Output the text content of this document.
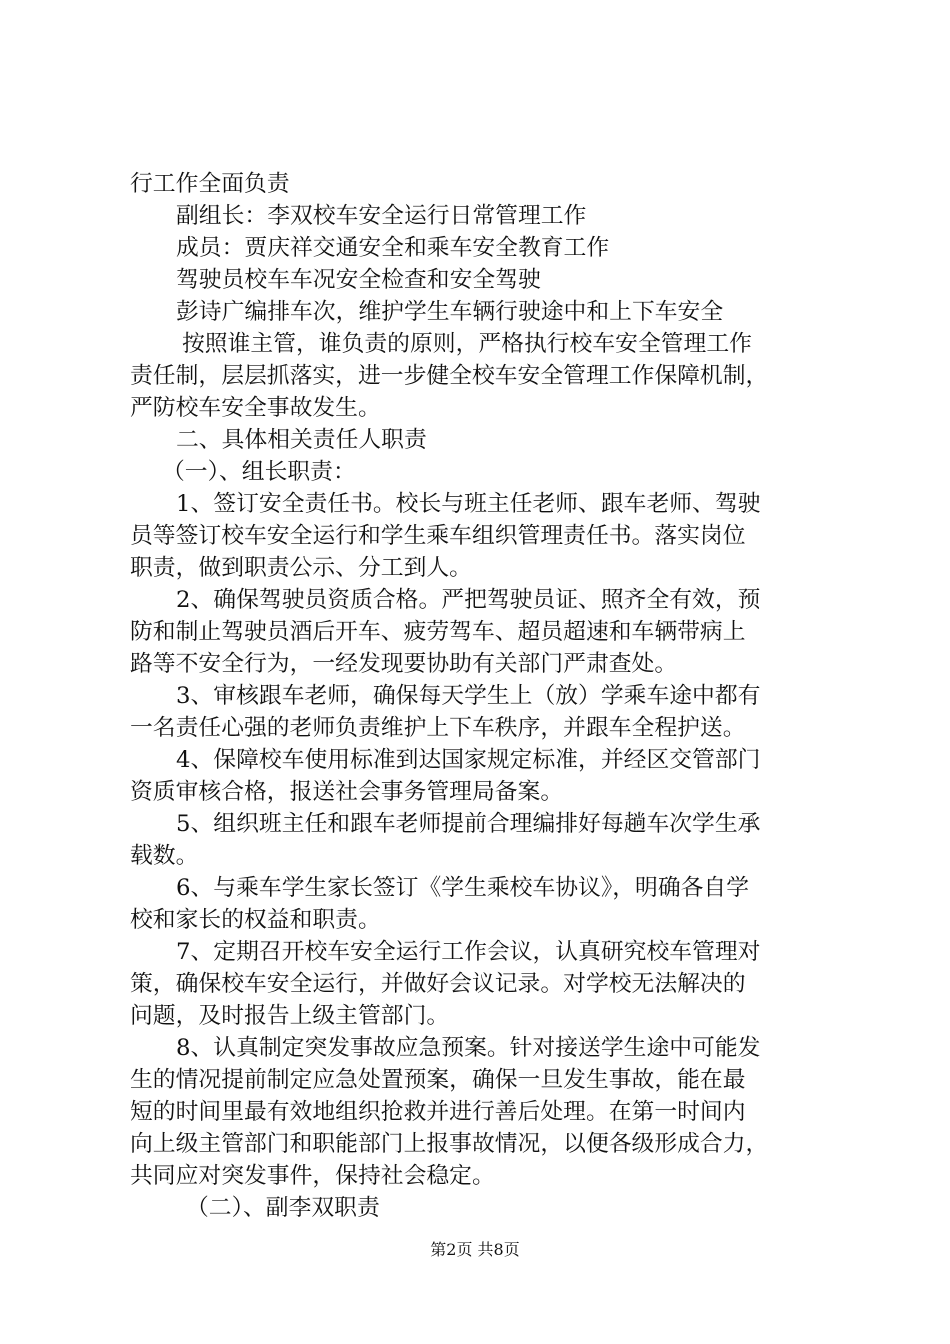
行工作全面负责
副组长：李双校车安全运行日常管理工作
成员：贾庆祥交通安全和乘车安全教育工作
驾驶员校车车况安全检查和安全驾驶
彭诗广编排车次，维护学生车辆行驶途中和上下车安全
按照谁主管，谁负责的原则，严格执行校车安全管理工作
责任制，层层抓落实，进一步健全校车安全管理工作保障机制，
严防校车安全事故发生。
二、具体相关责任人职责
（一）、组长职责：
1、签订安全责任书。校长与班主任老师、跟车老师、驾驶
员等签订校车安全运行和学生乘车组织管理责任书。落实岗位
职责，做到职责公示、分工到人。
2、确保驾驶员资质合格。严把驾驶员证、照齐全有效，预
防和制止驾驶员酒后开车、疲劳驾车、超员超速和车辆带病上
路等不安全行为，一经发现要协助有关部门严肃查处。
3、审核跟车老师，确保每天学生上（放）学乘车途中都有
一名责任心强的老师负责维护上下车秩序，并跟车全程护送。
4、保障校车使用标准到达国家规定标准，并经区交管部门
资质审核合格，报送社会事务管理局备案。
5、组织班主任和跟车老师提前合理编排好每趟车次学生承
载数。
6、与乘车学生家长签订《学生乘校车协议》，明确各自学
校和家长的权益和职责。
7、定期召开校车安全运行工作会议，认真研究校车管理对
策，确保校车安全运行，并做好会议记录。对学校无法解决的
问题，及时报告上级主管部门。
8、认真制定突发事故应急预案。针对接送学生途中可能发
生的情况提前制定应急处置预案，确保一旦发生事故，能在最
短的时间里最有效地组织抢救并进行善后处理。在第一时间内
向上级主管部门和职能部门上报事故情况，以便各级形成合力，
共同应对突发事件，保持社会稳定。
（二）、副李双职责
第2页 共8页
